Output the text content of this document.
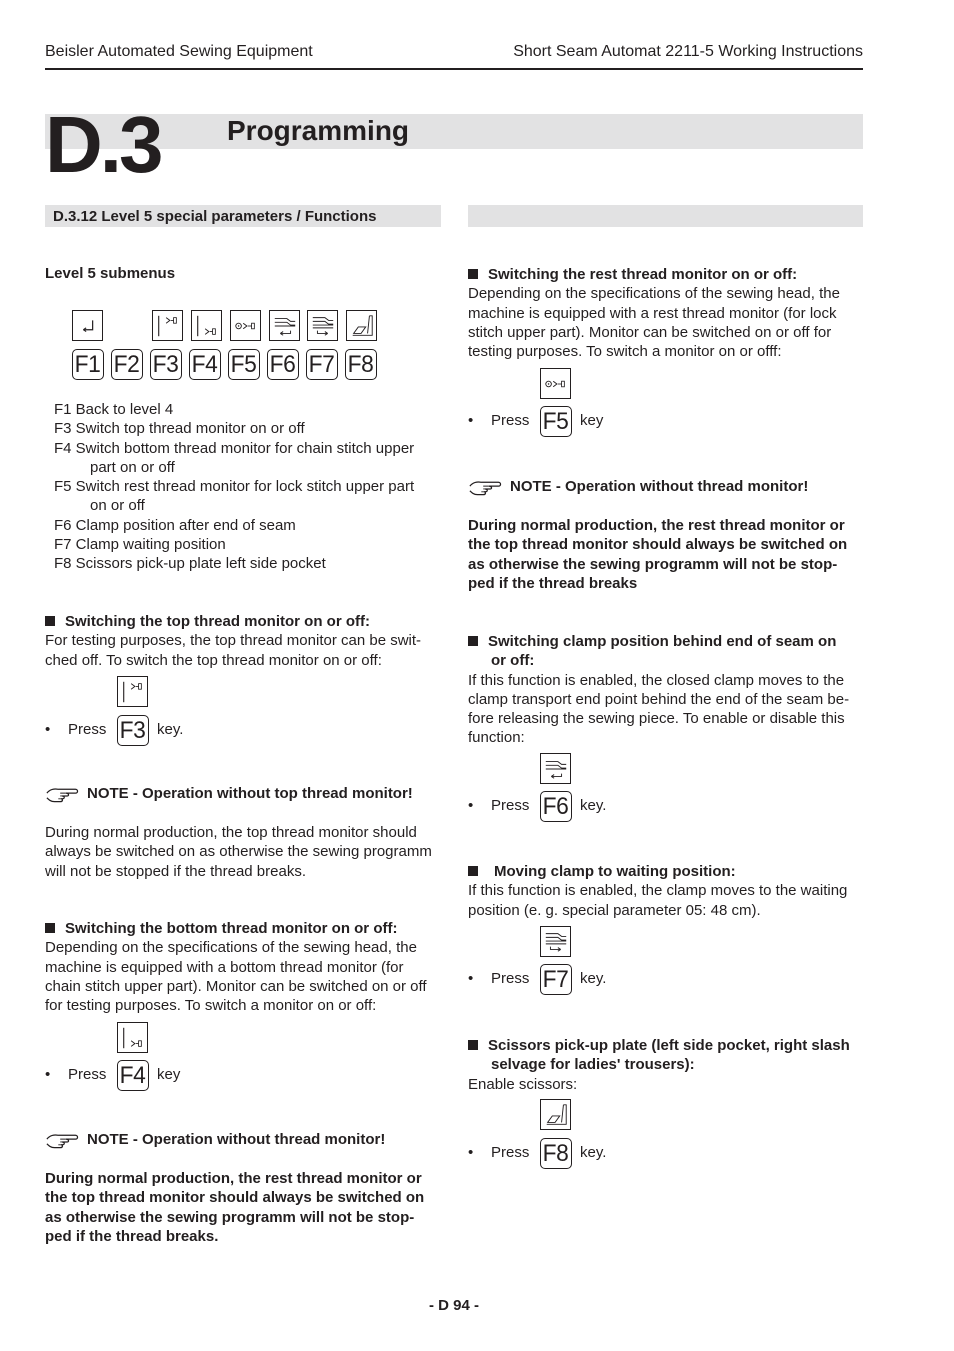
Beisler Automated Sewing Equipment	Short Seam Automat 2211-5 Working Instructions
D.3 Programming
D.3.12 Level 5 special parameters / Functions
Level 5 submenus
F1 F2 F3 F4 F5 F6 F7 F8
F1 Back to level 4
F3 Switch top thread monitor on or off
F4 Switch bottom thread monitor for chain stitch upper
part on or off
F5 Switch rest thread monitor for lock stitch upper part
on or off
F6 Clamp position after end of seam
F7 Clamp waiting position
F8 Scissors pick-up plate left side pocket
Switching the top thread monitor on or off:
For testing purposes, the top thread monitor can be swit-
ched off. To switch the top thread monitor on or off:
• Press F3 key.
NOTE - Operation without top thread monitor!
During normal production, the top thread monitor should
always be switched on as otherwise the sewing programm
will not be stopped if the thread breaks.
Switching the bottom thread monitor on or off:
Depending on the specifications of the sewing head, the
machine is equipped with a bottom thread monitor (for
chain stitch upper part). Monitor can be switched on or off
for testing purposes. To switch a monitor on or off:
• Press F4 key
NOTE - Operation without thread monitor!
During normal production, the rest thread monitor or
the top thread monitor should always be switched on
as otherwise the sewing programm will not be stop-
ped if the thread breaks.
Switching the rest thread monitor on or off:
Depending on the specifications of the sewing head, the
machine is equipped with a rest thread monitor (for lock
stitch upper part). Monitor can be switched on or off for
testing purposes. To switch a monitor on or offf:
• Press F5 key
NOTE - Operation without thread monitor!
During normal production, the rest thread monitor or
the top thread monitor should always be switched on
as otherwise the sewing programm will not be stop-
ped if the thread breaks
Switching clamp position behind end of seam on
or off:
If this function is enabled, the closed clamp moves to the
clamp transport end point behind the end of the seam be-
fore releasing the sewing piece. To enable or disable this
function:
• Press F6 key.
Moving clamp to waiting position:
If this function is enabled, the clamp moves to the waiting
position (e. g. special parameter 05: 48 cm).
• Press F7 key.
Scissors pick-up plate (left side pocket, right slash
selvage for ladies' trousers):
Enable scissors:
• Press F8 key.
- D 94 -
